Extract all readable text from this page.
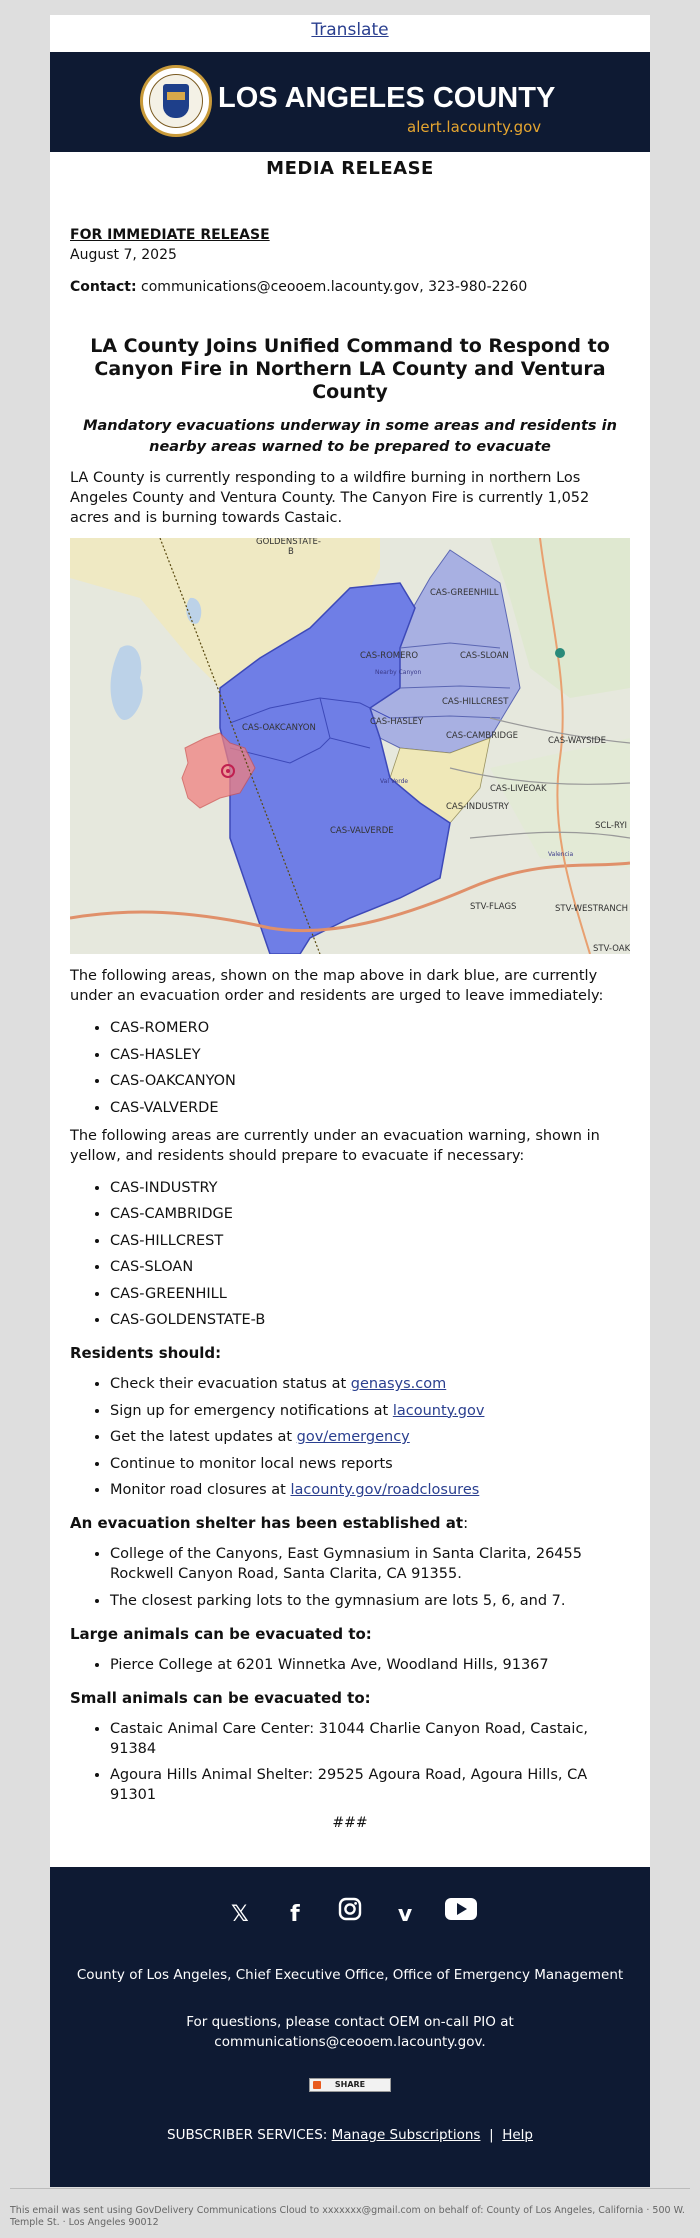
Translate
LOS ANGELES COUNTY
alert.lacounty.gov
MEDIA RELEASE
FOR IMMEDIATE RELEASE
August 7, 2025
Contact: communications@ceooem.lacounty.gov, 323-980-2260
LA County Joins Unified Command to Respond to Canyon Fire in Northern LA County and Ventura County
Mandatory evacuations underway in some areas and residents in nearby areas warned to be prepared to evacuate

LA County is currently responding to a wildfire burning in northern Los Angeles County and Ventura County. The Canyon Fire is currently 1,052 acres and is burning towards Castaic.

GOLDENSTATE-
B
CAS-GREENHILL
CAS-ROMERO	CAS-SLOAN
CAS-HILLCREST
CAS-HASLEY
CAS-OAKCANYON
CAS-CAMBRIDGE	CAS-WAYSIDE
CAS-LIVEOAK
CAS-INDUSTRY
CAS-VALVERDE	SCL-RYI
STV-FLAGS	STV-WESTRANCH
STV-OAK
Nearby Canyon
Val Verde
Valencia

The following areas, shown on the map above in dark blue, are currently under an evacuation order and residents are urged to leave immediately:

• CAS-ROMERO
• CAS-HASLEY
• CAS-OAKCANYON
• CAS-VALVERDE

The following areas are currently under an evacuation warning, shown in yellow, and residents should prepare to evacuate if necessary:

• CAS-INDUSTRY
• CAS-CAMBRIDGE
• CAS-HILLCREST
• CAS-SLOAN
• CAS-GREENHILL
• CAS-GOLDENSTATE-B
Residents should:
• Check their evacuation status at genasys.com
• Sign up for emergency notifications at lacounty.gov
• Get the latest updates at gov/emergency
• Continue to monitor local news reports
• Monitor road closures at lacounty.gov/roadclosures
An evacuation shelter has been established at:
• College of the Canyons, East Gymnasium in Santa Clarita, 26455 Rockwell Canyon Road, Santa Clarita, CA 91355.
• The closest parking lots to the gymnasium are lots 5, 6, and 7.
Large animals can be evacuated to:
• Pierce College at 6201 Winnetka Ave, Woodland Hills, 91367
Small animals can be evacuated to:
• Castaic Animal Care Center: 31044 Charlie Canyon Road, Castaic, 91384
• Agoura Hills Animal Shelter: 29525 Agoura Road, Agoura Hills, CA 91301
###
𝕏 f	v
County of Los Angeles, Chief Executive Office, Office of Emergency Management
For questions, please contact OEM on-call PIO at communications@ceooem.lacounty.gov.
SHARE
SUBSCRIBER SERVICES: Manage Subscriptions | Help
This email was sent using GovDelivery Communications Cloud to xxxxxxx@gmail.com on behalf of: County of Los Angeles, California · 500 W. Temple St. · Los Angeles 90012
